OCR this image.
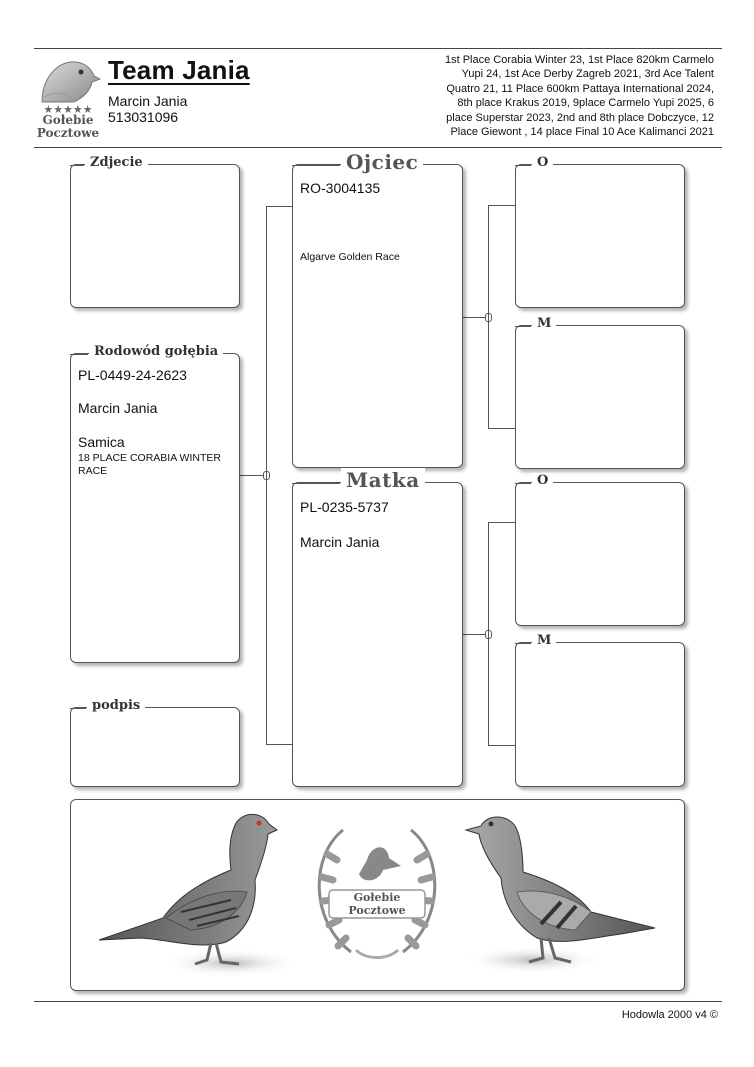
★★★★★
Gołebie
Pocztowe
Team Jania
Marcin Jania
513031096
1st Place Corabia Winter 23, 1st Place 820km Carmelo Yupi 24, 1st Ace Derby Zagreb 2021, 3rd Ace Talent Quatro 21, 11 Place 600km Pattaya International 2024, 8th place Krakus 2019, 9place Carmelo Yupi 2025, 6 place Superstar 2023, 2nd and 8th place Dobczyce, 12 Place Giewont , 14 place Final 10 Ace Kalimanci 2021
Zdjecie
Rodowód gołębia
PL-0449-24-2623
Marcin Jania
Samica
18 PLACE CORABIA WINTER RACE
podpis
Ojciec
RO-3004135
Algarve Golden Race
Matka
PL-0235-5737
Marcin Jania
O
M
O
M
Gołebie
Pocztowe
Hodowla 2000 v4 ©
